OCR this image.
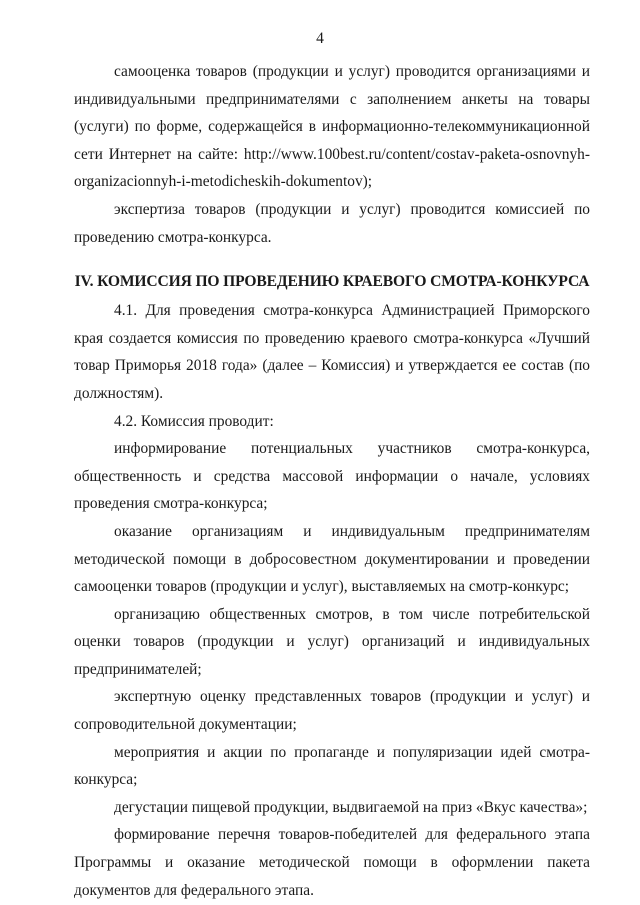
4

самооценка товаров (продукции и услуг) проводится организациями и индивидуальными предпринимателями с заполнением анкеты на товары (услуги) по форме, содержащейся в информационно-телекоммуникационной сети Интернет на сайте: http://www.100best.ru/content/costav-paketa-osnovnyh-organizacionnyh-i-metodicheskih-dokumentov);

экспертиза товаров (продукции и услуг) проводится комиссией по проведению смотра-конкурса.

IV. КОМИССИЯ ПО ПРОВЕДЕНИЮ КРАЕВОГО СМОТРА-КОНКУРСА

4.1. Для проведения смотра-конкурса Администрацией Приморского края создается комиссия по проведению краевого смотра-конкурса «Лучший товар Приморья 2018 года» (далее – Комиссия) и утверждается ее состав (по должностям).

4.2. Комиссия проводит:

информирование потенциальных участников смотра-конкурса, общественность и средства массовой информации о начале, условиях проведения смотра-конкурса;

оказание организациям и индивидуальным предпринимателям методической помощи в добросовестном документировании и проведении самооценки товаров (продукции и услуг), выставляемых на смотр-конкурс;

организацию общественных смотров, в том числе потребительской оценки товаров (продукции и услуг) организаций и индивидуальных предпринимателей;

экспертную оценку представленных товаров (продукции и услуг) и сопроводительной документации;

мероприятия и акции по пропаганде и популяризации идей смотра-конкурса;

дегустации пищевой продукции, выдвигаемой на приз «Вкус качества»;

формирование перечня товаров-победителей для федерального этапа Программы и оказание методической помощи в оформлении пакета документов для федерального этапа.
